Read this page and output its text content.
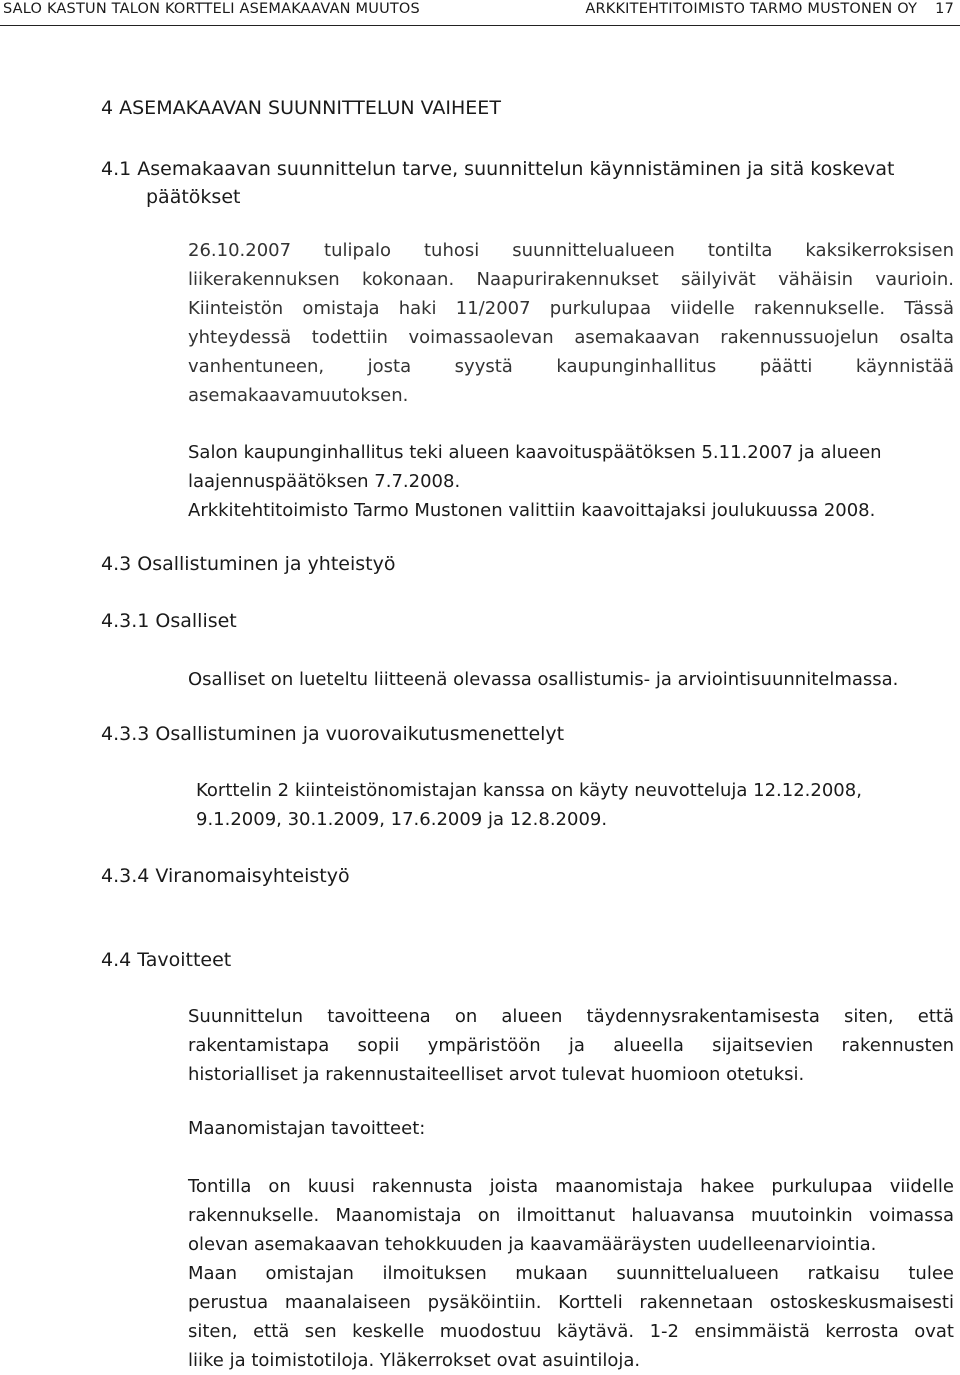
SALO KASTUN TALON KORTTELI ASEMAKAAVAN MUUTOS	ARKKITEHTITOIMISTO TARMO MUSTONEN OY 17
4 ASEMAKAAVAN SUUNNITTELUN VAIHEET
4.1 Asemakaavan suunnittelun tarve, suunnittelun käynnistäminen ja sitä koskevat
päätökset
26.10.2007 tulipalo tuhosi suunnittelualueen tontilta kaksikerroksisen
liikerakennuksen kokonaan. Naapurirakennukset säilyivät vähäisin vaurioin.
Kiinteistön omistaja haki 11/2007 purkulupaa viidelle rakennukselle. Tässä
yhteydessä todettiin voimassaolevan asemakaavan rakennussuojelun osalta
vanhentuneen, josta syystä kaupunginhallitus päätti käynnistää
asemakaavamuutoksen.
Salon kaupunginhallitus teki alueen kaavoituspäätöksen 5.11.2007 ja alueen
laajennuspäätöksen 7.7.2008.
Arkkitehtitoimisto Tarmo Mustonen valittiin kaavoittajaksi joulukuussa 2008.
4.3 Osallistuminen ja yhteistyö
4.3.1 Osalliset
Osalliset on lueteltu liitteenä olevassa osallistumis- ja arviointisuunnitelmassa.
4.3.3 Osallistuminen ja vuorovaikutusmenettelyt
Korttelin 2 kiinteistönomistajan kanssa on käyty neuvotteluja 12.12.2008,
9.1.2009, 30.1.2009, 17.6.2009 ja 12.8.2009.
4.3.4 Viranomaisyhteistyö
4.4 Tavoitteet
Suunnittelun tavoitteena on alueen täydennysrakentamisesta siten, että
rakentamistapa sopii ympäristöön ja alueella sijaitsevien rakennusten
historialliset ja rakennustaiteelliset arvot tulevat huomioon otetuksi.
Maanomistajan tavoitteet:
Tontilla on kuusi rakennusta joista maanomistaja hakee purkulupaa viidelle
rakennukselle. Maanomistaja on ilmoittanut haluavansa muutoinkin voimassa
olevan asemakaavan tehokkuuden ja kaavamääräysten uudelleenarviointia.
Maan omistajan ilmoituksen mukaan suunnittelualueen ratkaisu tulee
perustua maanalaiseen pysäköintiin. Kortteli rakennetaan ostoskeskusmaisesti
siten, että sen keskelle muodostuu käytävä. 1-2 ensimmäistä kerrosta ovat
liike ja toimistotiloja. Yläkerrokset ovat asuintiloja.
